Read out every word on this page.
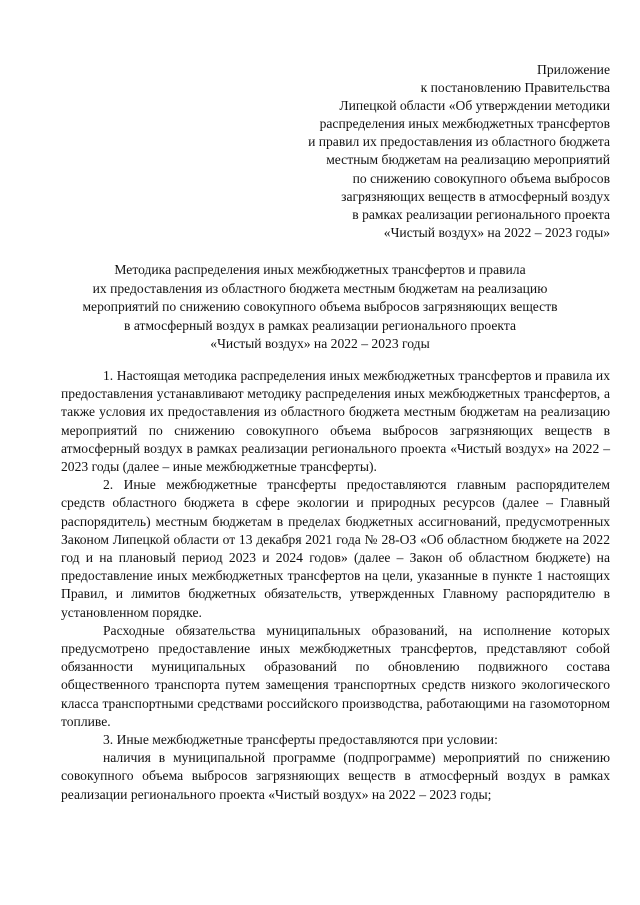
Приложение
к постановлению Правительства
Липецкой области «Об утверждении методики
распределения иных межбюджетных трансфертов
и правил их предоставления из областного бюджета
местным бюджетам на реализацию мероприятий
по снижению совокупного объема выбросов
загрязняющих веществ в атмосферный воздух
в рамках реализации регионального проекта
«Чистый воздух» на 2022 – 2023 годы»
Методика распределения иных межбюджетных трансфертов и правила
их предоставления из областного бюджета местным бюджетам на реализацию
мероприятий по снижению совокупного объема выбросов загрязняющих веществ
в атмосферный воздух в рамках реализации регионального проекта
«Чистый воздух» на 2022 – 2023 годы

1. Настоящая методика распределения иных межбюджетных трансфертов и правила их предоставления устанавливают методику распределения иных межбюджетных трансфертов, а также условия их предоставления из областного бюджета местным бюджетам на реализацию мероприятий по снижению совокупного объема выбросов загрязняющих веществ в атмосферный воздух в рамках реализации регионального проекта «Чистый воздух» на 2022 – 2023 годы (далее – иные межбюджетные трансферты).

2. Иные межбюджетные трансферты предоставляются главным распорядителем средств областного бюджета в сфере экологии и природных ресурсов (далее – Главный распорядитель) местным бюджетам в пределах бюджетных ассигнований, предусмотренных Законом Липецкой области от 13 декабря 2021 года № 28-ОЗ «Об областном бюджете на 2022 год и на плановый период 2023 и 2024 годов» (далее – Закон об областном бюджете) на предоставление иных межбюджетных трансфертов на цели, указанные в пункте 1 настоящих Правил, и лимитов бюджетных обязательств, утвержденных Главному распорядителю в установленном порядке.

Расходные обязательства муниципальных образований, на исполнение которых предусмотрено предоставление иных межбюджетных трансфертов, представляют собой обязанности муниципальных образований по обновлению подвижного состава общественного транспорта путем замещения транспортных средств низкого экологического класса транспортными средствами российского производства, работающими на газомоторном топливе.

3. Иные межбюджетные трансферты предоставляются при условии:

наличия в муниципальной программе (подпрограмме) мероприятий по снижению совокупного объема выбросов загрязняющих веществ в атмосферный воздух в рамках реализации регионального проекта «Чистый воздух» на 2022 – 2023 годы;
